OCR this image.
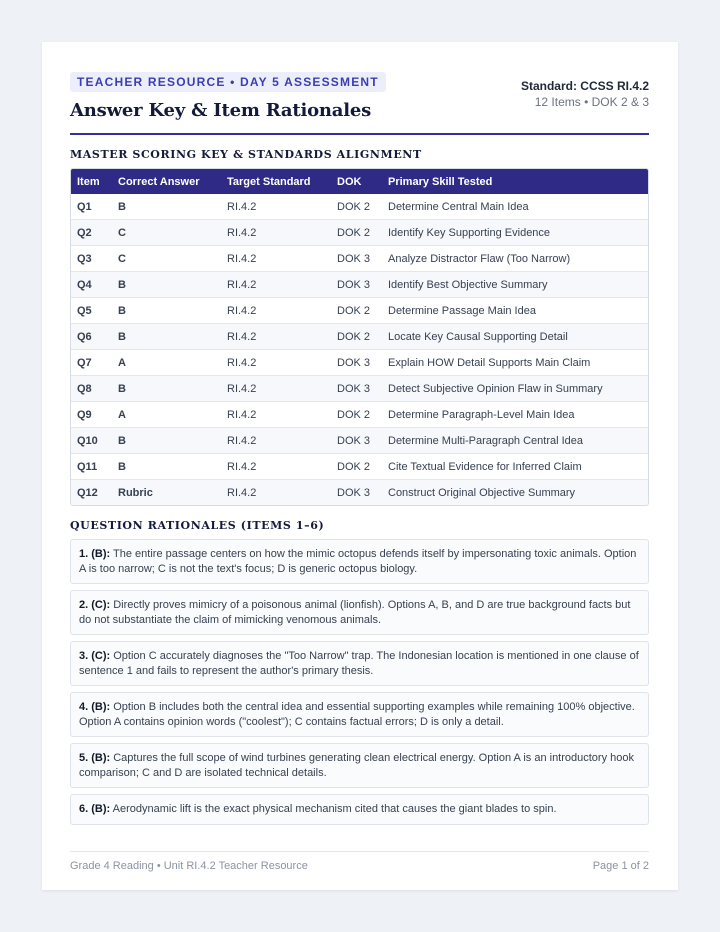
TEACHER RESOURCE • DAY 5 ASSESSMENT
Answer Key & Item Rationales
Standard: CCSS RI.4.2
12 Items • DOK 2 & 3
MASTER SCORING KEY & STANDARDS ALIGNMENT
Item	Correct Answer	Target Standard	DOK	Primary Skill Tested
Q1	B	RI.4.2	DOK 2	Determine Central Main Idea
Q2	C	RI.4.2	DOK 2	Identify Key Supporting Evidence
Q3	C	RI.4.2	DOK 3	Analyze Distractor Flaw (Too Narrow)
Q4	B	RI.4.2	DOK 3	Identify Best Objective Summary
Q5	B	RI.4.2	DOK 2	Determine Passage Main Idea
Q6	B	RI.4.2	DOK 2	Locate Key Causal Supporting Detail
Q7	A	RI.4.2	DOK 3	Explain HOW Detail Supports Main Claim
Q8	B	RI.4.2	DOK 3	Detect Subjective Opinion Flaw in Summary
Q9	A	RI.4.2	DOK 2	Determine Paragraph-Level Main Idea
Q10	B	RI.4.2	DOK 3	Determine Multi-Paragraph Central Idea
Q11	B	RI.4.2	DOK 2	Cite Textual Evidence for Inferred Claim
Q12	Rubric	RI.4.2	DOK 3	Construct Original Objective Summary
QUESTION RATIONALES (ITEMS 1–6)
1. (B): The entire passage centers on how the mimic octopus defends itself by impersonating toxic animals. Option A is too narrow; C is not the text's focus; D is generic octopus biology.
2. (C): Directly proves mimicry of a poisonous animal (lionfish). Options A, B, and D are true background facts but do not substantiate the claim of mimicking venomous animals.
3. (C): Option C accurately diagnoses the "Too Narrow" trap. The Indonesian location is mentioned in one clause of sentence 1 and fails to represent the author's primary thesis.
4. (B): Option B includes both the central idea and essential supporting examples while remaining 100% objective. Option A contains opinion words ("coolest"); C contains factual errors; D is only a detail.
5. (B): Captures the full scope of wind turbines generating clean electrical energy. Option A is an introductory hook comparison; C and D are isolated technical details.
6. (B): Aerodynamic lift is the exact physical mechanism cited that causes the giant blades to spin.
Grade 4 Reading • Unit RI.4.2 Teacher Resource	Page 1 of 2
